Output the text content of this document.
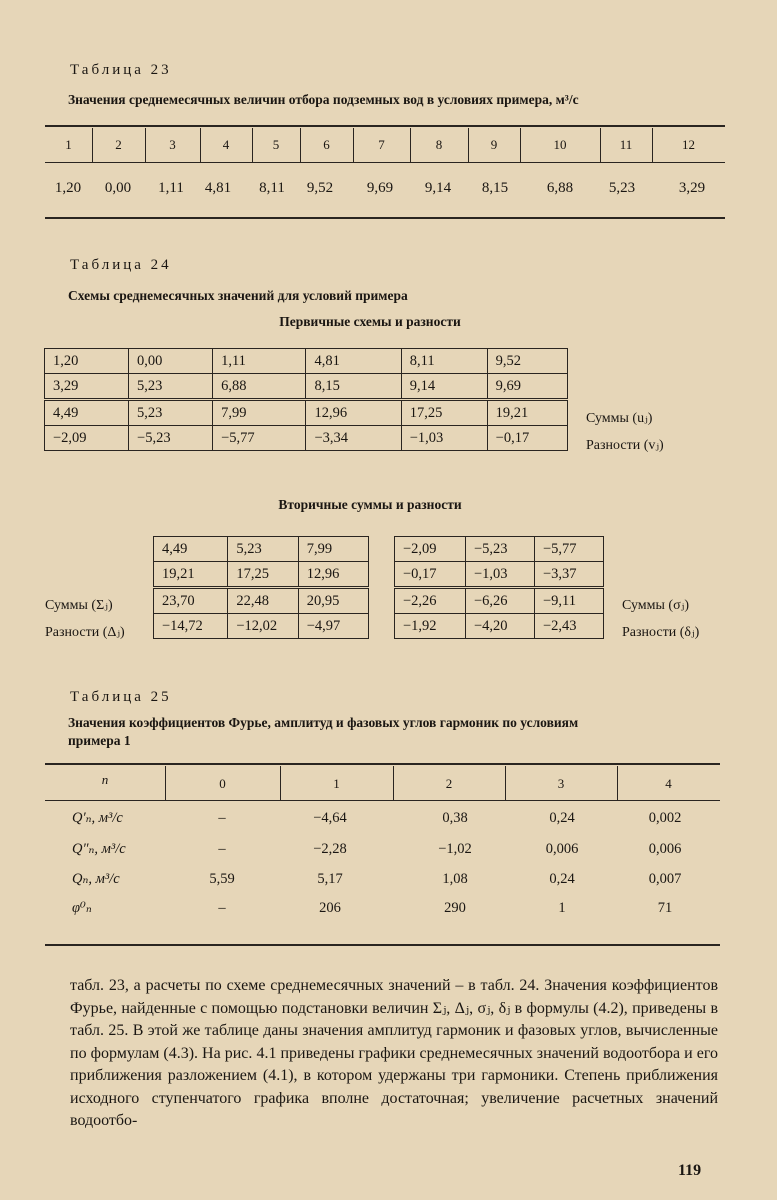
Таблица 23
Значения среднемесячных величин отбора подземных вод в условиях примера, м³/с
1	2	3	4	5	6	7	8	9	10	11	12
1,20	0,00	1,11	4,81	8,11	9,52	9,69	9,14	8,15	6,88	5,23	3,29
Таблица 24
Схемы среднемесячных значений для условий примера
Первичные схемы и разности
1,20	0,00	1,11	4,81	8,11	9,52
3,29	5,23	6,88	8,15	9,14	9,69
4,49	5,23	7,99	12,96	17,25	19,21
−2,09	−5,23	−5,77	−3,34	−1,03	−0,17
Суммы (uⱼ)
Разности (vⱼ)
Вторичные суммы и разности
4,49	5,23	7,99
19,21	17,25	12,96
23,70	22,48	20,95
−14,72	−12,02	−4,97
Суммы (Σⱼ)
Разности (Δⱼ)
−2,09	−5,23	−5,77
−0,17	−1,03	−3,37
−2,26	−6,26	−9,11
−1,92	−4,20	−2,43
Суммы (σⱼ)
Разности (δⱼ)
Таблица 25
Значения коэффициентов Фурье, амплитуд и фазовых углов гармоник по условиям
примера 1
n	0	1	2	3	4
Q′ₙ, м³/с	–	−4,64	0,38	0,24	0,002
Q″ₙ, м³/с	–	−2,28	−1,02	0,006	0,006
Qₙ, м³/с	5,59	5,17	1,08	0,24	0,007
φ⁰ₙ	–	206	290	1	71
табл. 23, а расчеты по схеме среднемесячных значений – в табл. 24. Значения коэффициентов Фурье, найденные с помощью подстановки величин Σⱼ, Δⱼ, σⱼ, δⱼ в формулы (4.2), приведены в табл. 25. В этой же таблице даны значения амплитуд гармоник и фазовых углов, вычисленные по формулам (4.3). На рис. 4.1 приведены графики среднемесячных значений водоотбора и его приближения разложением (4.1), в котором удержаны три гармоники. Степень приближения исходного ступенчатого графика вполне достаточная; увеличение расчетных значений водоотбо-
119
